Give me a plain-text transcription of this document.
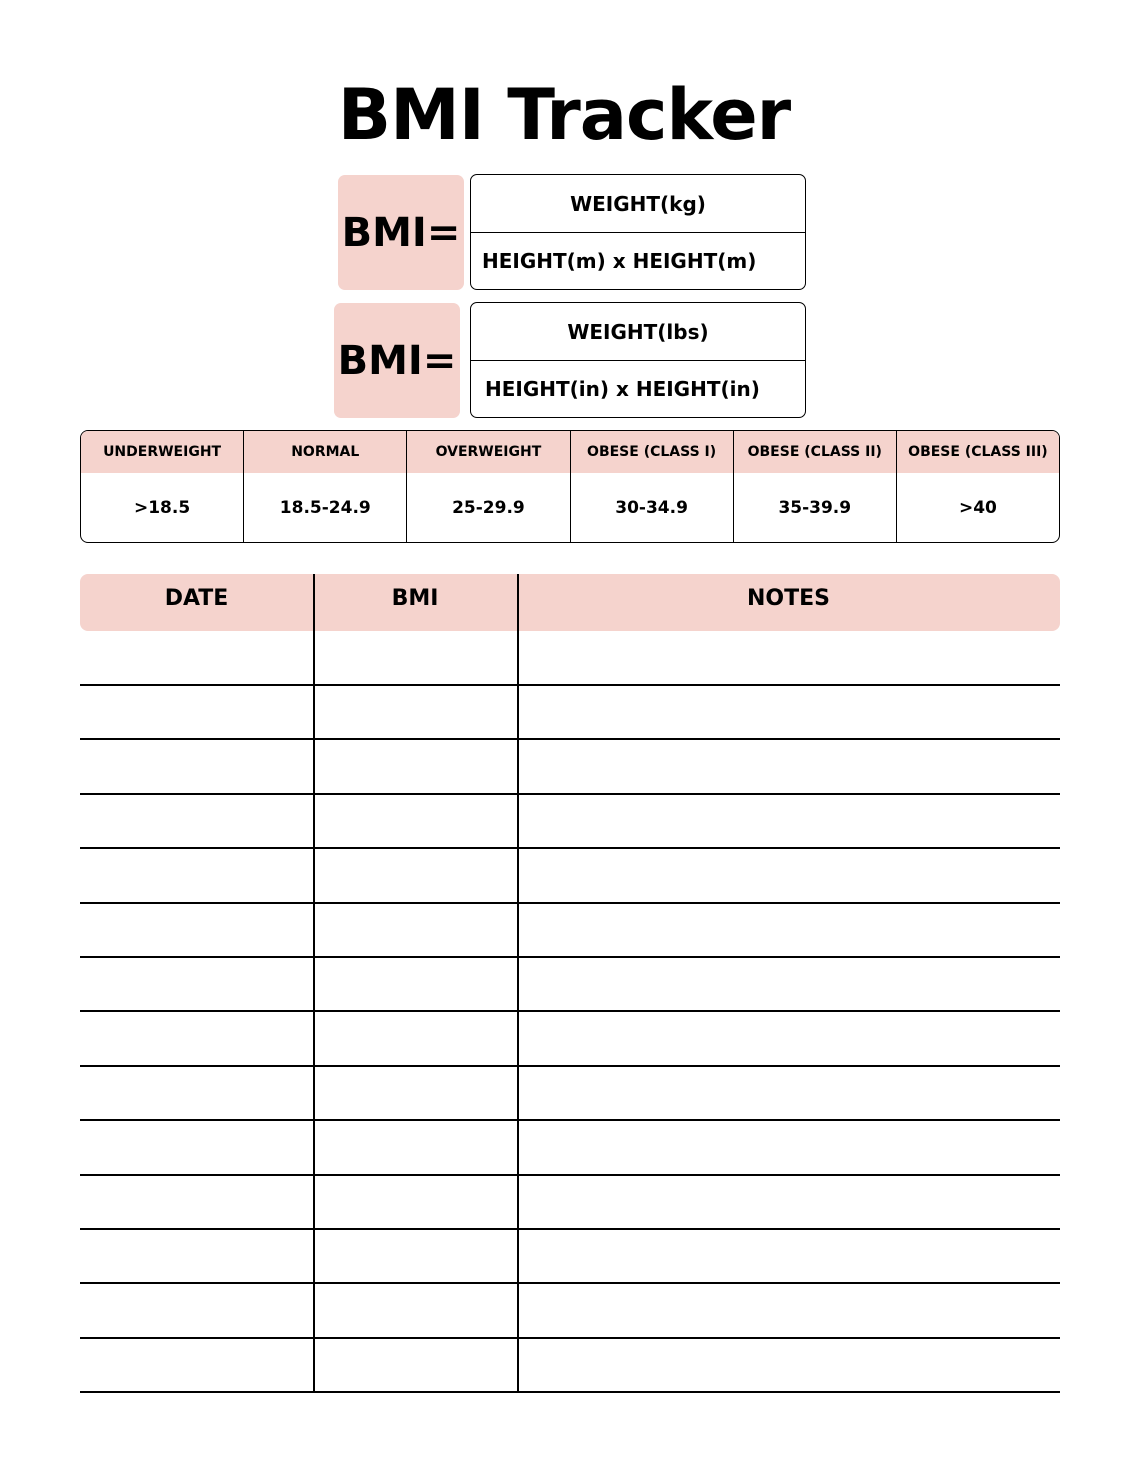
BMI Tracker
BMI=
WEIGHT(kg)
HEIGHT(m) x HEIGHT(m)
BMI=
WEIGHT(lbs)
HEIGHT(in) x HEIGHT(in)
UNDERWEIGHT
>18.5
NORMAL
18.5-24.9
OVERWEIGHT
25-29.9
OBESE (CLASS I)
30-34.9
OBESE (CLASS II)
35-39.9
OBESE (CLASS III)
>40
DATE	BMI	NOTES
